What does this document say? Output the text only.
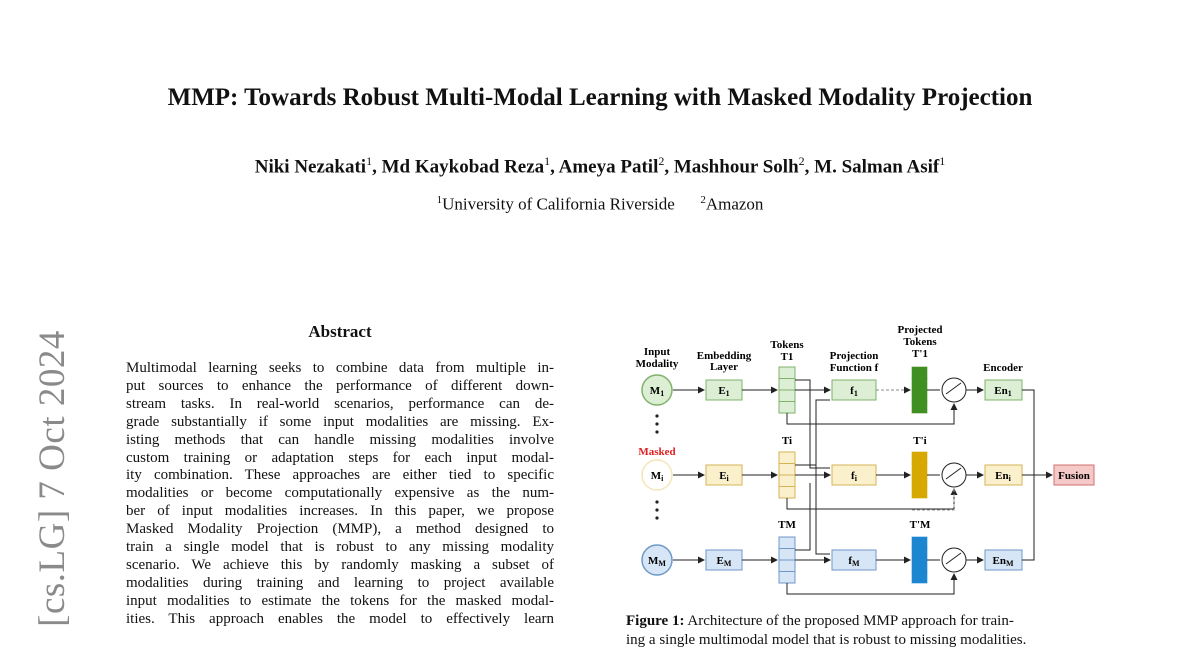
[cs.LG] 7 Oct 2024
MMP: Towards Robust Multi-Modal Learning with Masked Modality Projection
Niki Nezakati$^1$, Md Kaykobad Reza$^1$, Ameya Patil$^2$, Mashhour Solh$^2$, M. Salman Asif$^1$
$^1$University of California Riverside $^2$Amazon
Abstract
Multimodal learning seeks to combine data from multiple in-
put sources to enhance the performance of different down-
stream tasks. In real-world scenarios, performance can de-
grade substantially if some input modalities are missing. Ex-
isting methods that can handle missing modalities involve
custom training or adaptation steps for each input modal-
ity combination. These approaches are either tied to specific
modalities or become computationally expensive as the num-
ber of input modalities increases. In this paper, we propose
Masked Modality Projection (MMP), a method designed to
train a single model that is robust to any missing modality
scenario. We achieve this by randomly masking a subset of
modalities during training and learning to project available
input modalities to estimate the tokens for the masked modal-
ities. This approach enables the model to effectively learn
Input
Modality
Embedding
Layer
Tokens
Projection
Function f
Projected
Tokens
Encoder
T1	T'1
Ti	T'i
TM	T'M
Masked
M1	E1	f1	En1
Mi	Ei	fi	Eni
MM	EM	fM	EnM
Fusion
Figure 1: Architecture of the proposed MMP approach for train-
ing a single multimodal model that is robust to missing modalities.
